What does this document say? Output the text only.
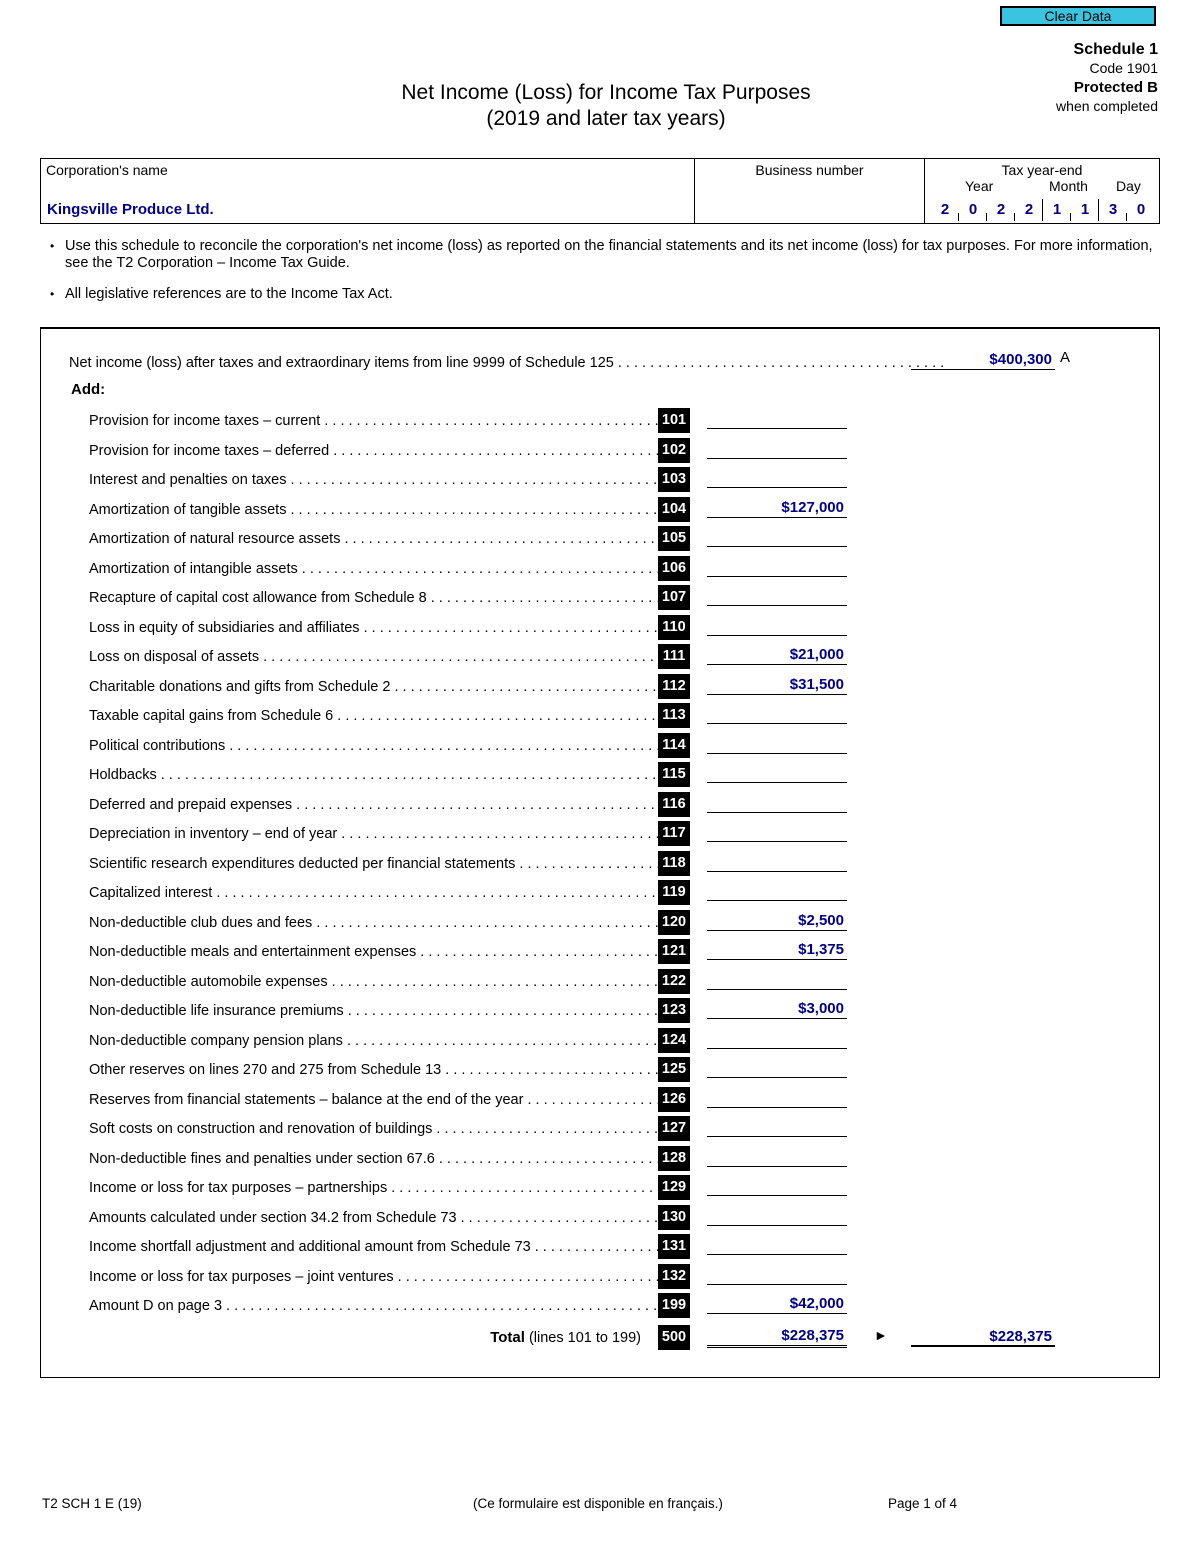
Clear Data
Schedule 1
Code 1901
Protected B
when completed
Net Income (Loss) for Income Tax Purposes
(2019 and later tax years)
Corporation's name
Kingsville Produce Ltd.
Business number	Tax year-end
Year	Month Day
2	0	2	2	1	1	3	0
• Use this schedule to reconcile the corporation's net income (loss) as reported on the financial statements and its net income (loss) for tax purposes. For more information, see the T2 Corporation – Income Tax Guide.
• All legislative references are to the Income Tax Act.
Net income (loss) after taxes and extraordinary items from line 9999 of Schedule 125 . . .	$400,300 A
Add:
Provision for income taxes – current . . .	101
Provision for income taxes – deferred . . .	102
Interest and penalties on taxes . . .	103
Amortization of tangible assets . . .	104	$127,000
Amortization of natural resource assets . . .	105
Amortization of intangible assets . . .	106
Recapture of capital cost allowance from Schedule 8 . . .	107
Loss in equity of subsidiaries and affiliates . . .	110
Loss on disposal of assets . . .	111	$21,000
Charitable donations and gifts from Schedule 2 . . .	112	$31,500
Taxable capital gains from Schedule 6 . . .	113
Political contributions . . .	114
Holdbacks . . .	115
Deferred and prepaid expenses . . .	116
Depreciation in inventory – end of year . . .	117
Scientific research expenditures deducted per financial statements . . .	118
Capitalized interest . . .	119
Non-deductible club dues and fees . . .	120	$2,500
Non-deductible meals and entertainment expenses . . .	121	$1,375
Non-deductible automobile expenses . . .	122
Non-deductible life insurance premiums . . .	123	$3,000
Non-deductible company pension plans . . .	124
Other reserves on lines 270 and 275 from Schedule 13 . . .	125
Reserves from financial statements – balance at the end of the year . . .	126
Soft costs on construction and renovation of buildings . . .	127
Non-deductible fines and penalties under section 67.6 . . .	128
Income or loss for tax purposes – partnerships . . .	129
Amounts calculated under section 34.2 from Schedule 73 . . .	130
Income shortfall adjustment and additional amount from Schedule 73 . . .	131
Income or loss for tax purposes – joint ventures . . .	132
Amount D on page 3 . . .	199	$42,000
Total (lines 101 to 199) 500	$228,375 ►	$228,375
T2 SCH 1 E (19)	(Ce formulaire est disponible en français.)	Page 1 of 4
